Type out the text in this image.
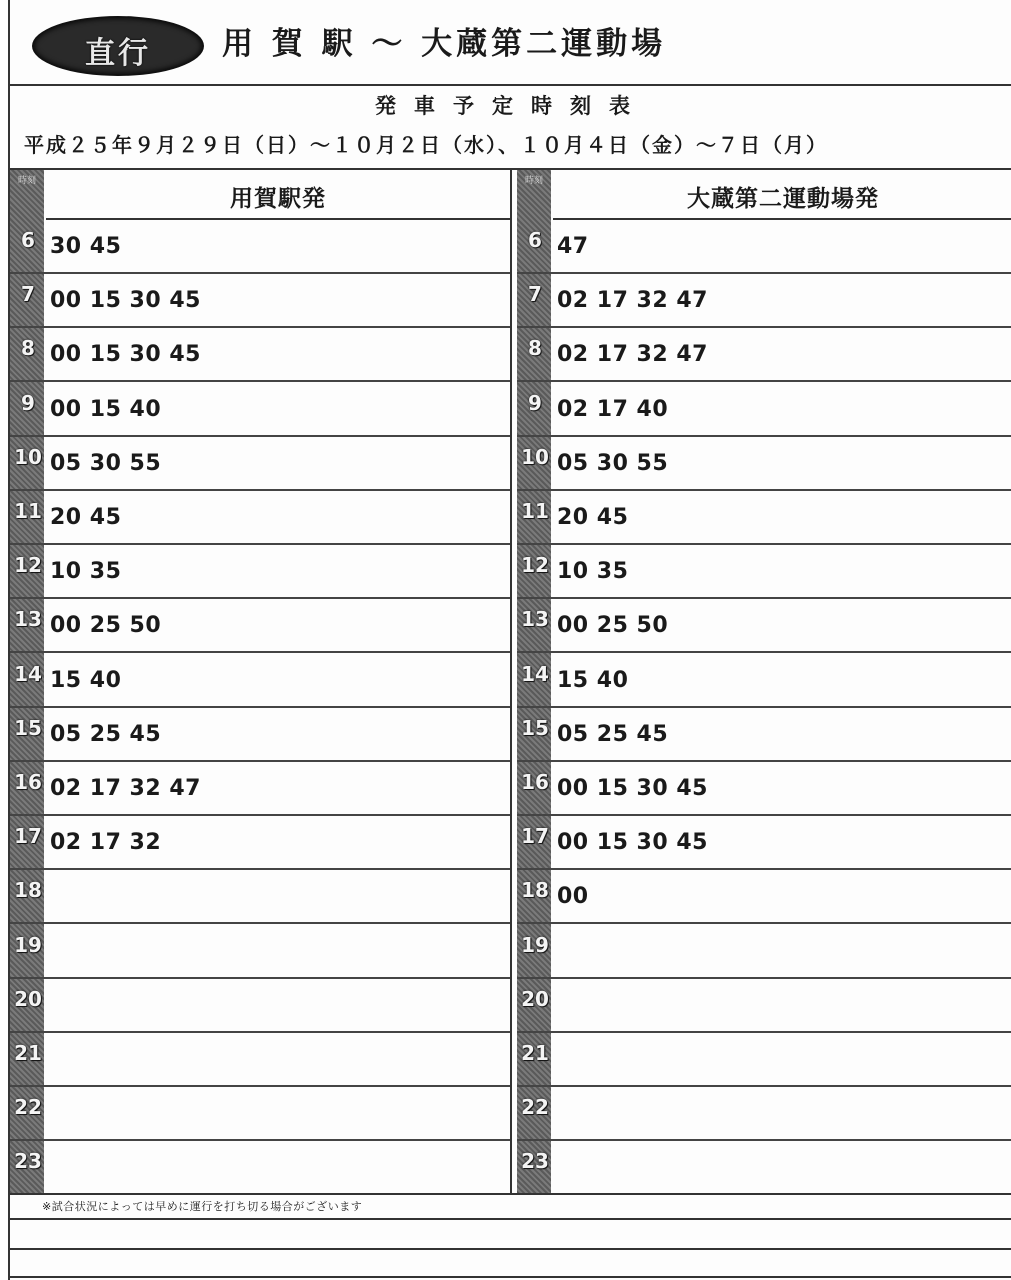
直行	用 賀 駅 ～ 大蔵第二運動場
発車予定時刻表
平成２５年９月２９日（日）～１０月２日（水）、１０月４日（金）～７日（月）
時刻
用賀駅発
6 30 45
7 00 15 30 45
8 00 15 30 45
9 00 15 40
10 05 30 55
11 20 45
12 10 35
13 00 25 50
14 15 40
15 05 25 45
16 02 17 32 47
17 02 17 32
18
19
20
21
22
23
時刻
大蔵第二運動場発
6 47
7 02 17 32 47
8 02 17 32 47
9 02 17 40
10 05 30 55
11 20 45
12 10 35
13 00 25 50
14 15 40
15 05 25 45
16 00 15 30 45
17 00 15 30 45
18 00
19
20
21
22
23
※試合状況によっては早めに運行を打ち切る場合がございます
